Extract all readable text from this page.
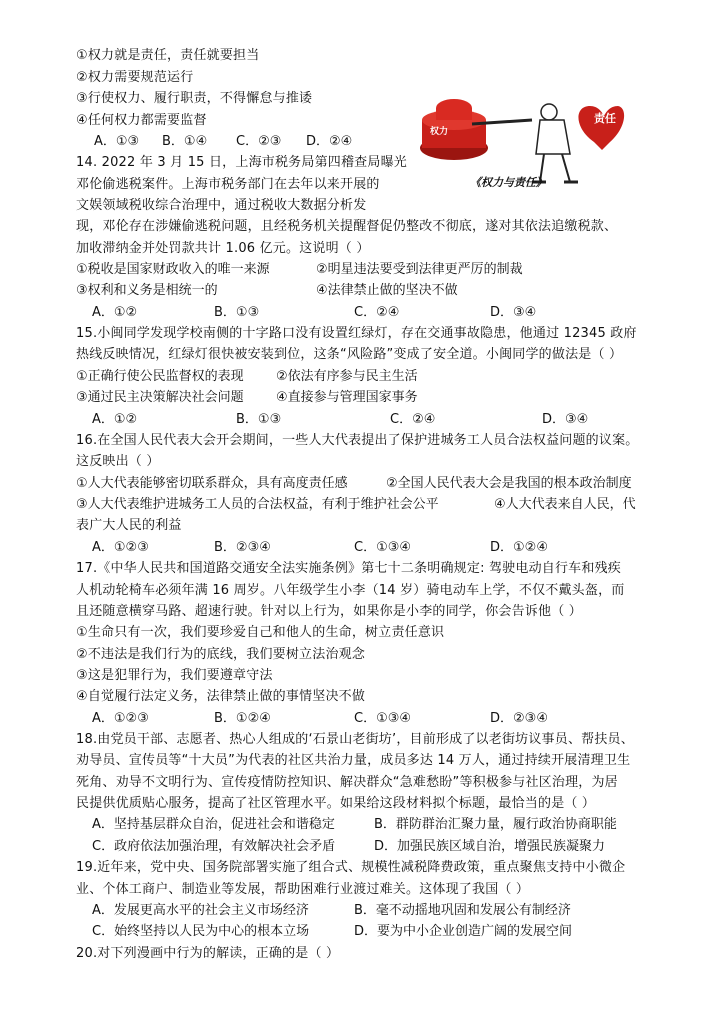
①权力就是责任，责任就要担当
②权力需要规范运行
③行使权力、履行职责，不得懈怠与推诿
④任何权力都需要监督
A．①③ B．①④ C．②③ D．②④
权力
责任
《权力与责任》
14. 2022 年 3 月 15 日，上海市税务局第四稽查局曝光
邓伦偷逃税案件。上海市税务部门在去年以来开展的
文娱领域税收综合治理中，通过税收大数据分析发
现，邓伦存在涉嫌偷逃税问题，且经税务机关提醒督促仍整改不彻底，遂对其依法追缴税款、
加收滞纳金并处罚款共计 1.06 亿元。这说明（ ）
①税收是国家财政收入的唯一来源	②明星违法要受到法律更严厉的制裁
③权利和义务是相统一的	④法律禁止做的坚决不做
A．①②	B．①③	C．②④	D．③④
15.小闽同学发现学校南侧的十字路口没有设置红绿灯，存在交通事故隐患，他通过 12345 政府
热线反映情况，红绿灯很快被安装到位，这条“风险路”变成了安全道。小闽同学的做法是（ ）
①正确行使公民监督权的表现 ②依法有序参与民主生活
③通过民主决策解决社会问题 ④直接参与管理国家事务
A．①②	B．①③	C．②④	D．③④
16.在全国人民代表大会开会期间，一些人大代表提出了保护进城务工人员合法权益问题的议案。
这反映出（ ）
①人大代表能够密切联系群众，具有高度责任感	②全国人民代表大会是我国的根本政治制度
③人大代表维护进城务工人员的合法权益，有利于维护社会公平	④人大代表来自人民，代
表广大人民的利益
A．①②③	B．②③④	C．①③④	D．①②④
17.《中华人民共和国道路交通安全法实施条例》第七十二条明确规定: 驾驶电动自行车和残疾
人机动轮椅车必须年满 16 周岁。八年级学生小李（14 岁）骑电动车上学，不仅不戴头盔，而
且还随意横穿马路、超速行驶。针对以上行为，如果你是小李的同学，你会告诉他（ ）
①生命只有一次，我们要珍爱自己和他人的生命，树立责任意识
②不违法是我们行为的底线，我们要树立法治观念
③这是犯罪行为，我们要遵章守法
④自觉履行法定义务，法律禁止做的事情坚决不做
A．①②③	B．①②④	C．①③④	D．②③④
18.由党员干部、志愿者、热心人组成的‘石景山老街坊’，目前形成了以老街坊议事员、帮扶员、
劝导员、宣传员等“十大员”为代表的社区共治力量，成员多达 14 万人，通过持续开展清理卫生
死角、劝导不文明行为、宣传疫情防控知识、解决群众“急难愁盼”等积极参与社区治理，为居
民提供优质贴心服务，提高了社区管理水平。如果给这段材料拟个标题，最恰当的是（ ）
A．坚持基层群众自治，促进社会和谐稳定	B．群防群治汇聚力量，履行政治协商职能
C．政府依法加强治理，有效解决社会矛盾	D．加强民族区域自治，增强民族凝聚力
19.近年来，党中央、国务院部署实施了组合式、规模性减税降费政策，重点聚焦支持中小微企
业、个体工商户、制造业等发展，帮助困难行业渡过难关。这体现了我国（ ）
A．发展更高水平的社会主义市场经济	B．毫不动摇地巩固和发展公有制经济
C．始终坚持以人民为中心的根本立场	D．要为中小企业创造广阔的发展空间
20.对下列漫画中行为的解读，正确的是（ ）
